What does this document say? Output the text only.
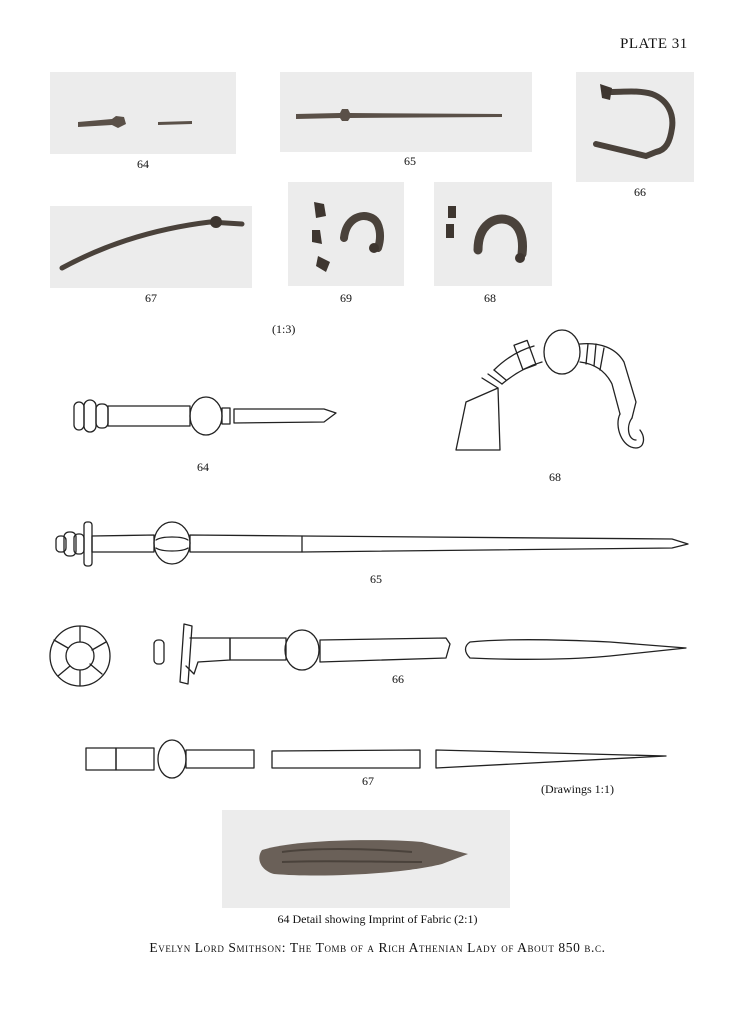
PLATE 31
64	65
66
67	69	68
(1:3)
64
68
65
66
67
(Drawings 1:1)
64 Detail showing Imprint of Fabric (2:1)
Evelyn Lord Smithson: The Tomb of a Rich Athenian Lady of About 850 b.c.
